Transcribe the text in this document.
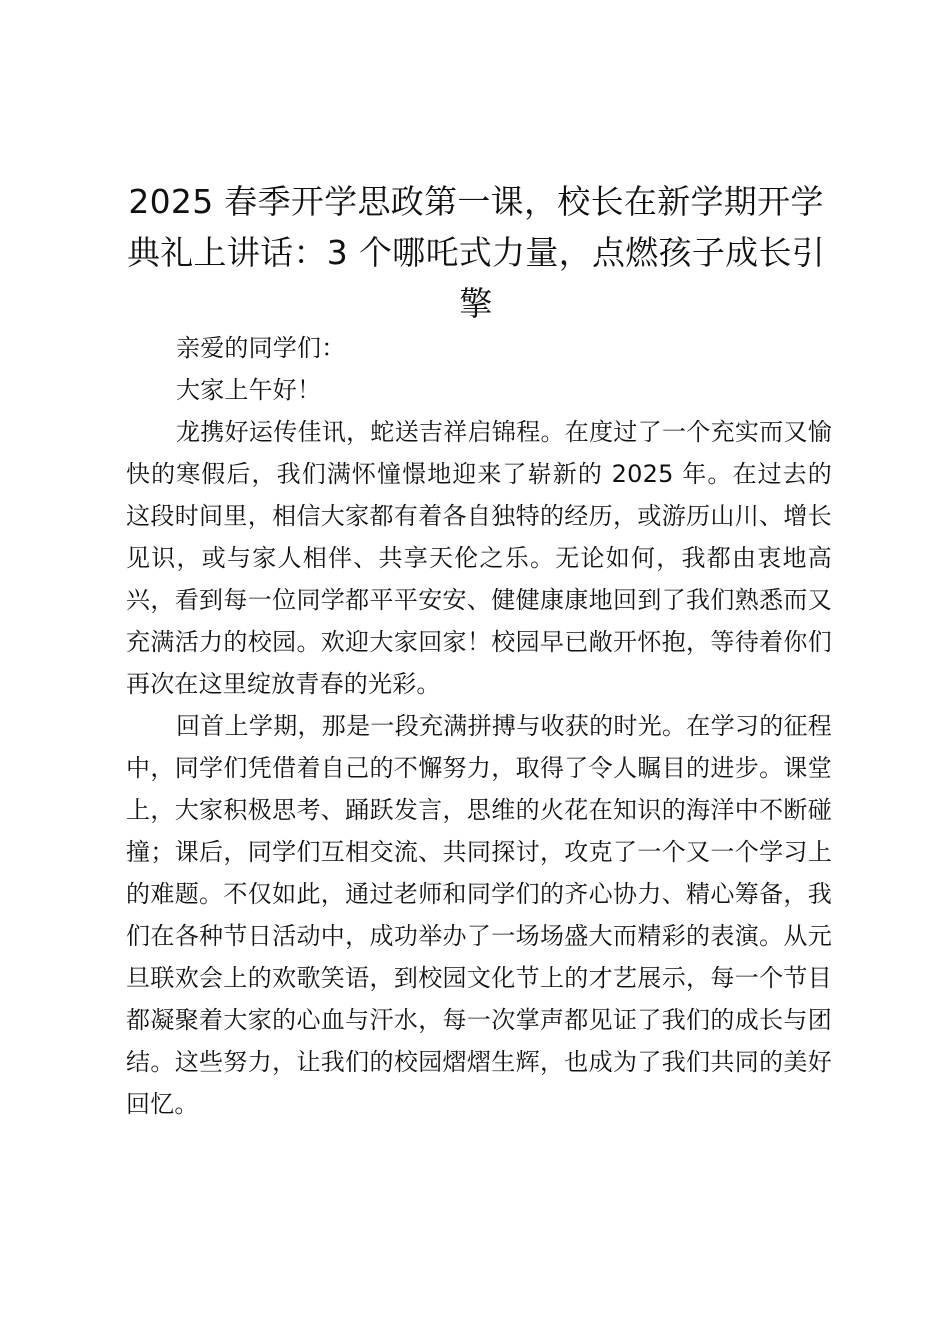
2025 春季开学思政第一课，校长在新学期开学典礼上讲话：3 个哪吒式力量，点燃孩子成长引擎

亲爱的同学们：

大家上午好！

龙携好运传佳讯，蛇送吉祥启锦程。在度过了一个充实而又愉快的寒假后，我们满怀憧憬地迎来了崭新的 2025 年。在过去的这段时间里，相信大家都有着各自独特的经历，或游历山川、增长见识，或与家人相伴、共享天伦之乐。无论如何，我都由衷地高兴，看到每一位同学都平平安安、健健康康地回到了我们熟悉而又充满活力的校园。欢迎大家回家！校园早已敞开怀抱，等待着你们再次在这里绽放青春的光彩。

回首上学期，那是一段充满拼搏与收获的时光。在学习的征程中，同学们凭借着自己的不懈努力，取得了令人瞩目的进步。课堂上，大家积极思考、踊跃发言，思维的火花在知识的海洋中不断碰撞；课后，同学们互相交流、共同探讨，攻克了一个又一个学习上的难题。不仅如此，通过老师和同学们的齐心协力、精心筹备，我们在各种节日活动中，成功举办了一场场盛大而精彩的表演。从元旦联欢会上的欢歌笑语，到校园文化节上的才艺展示，每一个节目都凝聚着大家的心血与汗水，每一次掌声都见证了我们的成长与团结。这些努力，让我们的校园熠熠生辉，也成为了我们共同的美好回忆。
